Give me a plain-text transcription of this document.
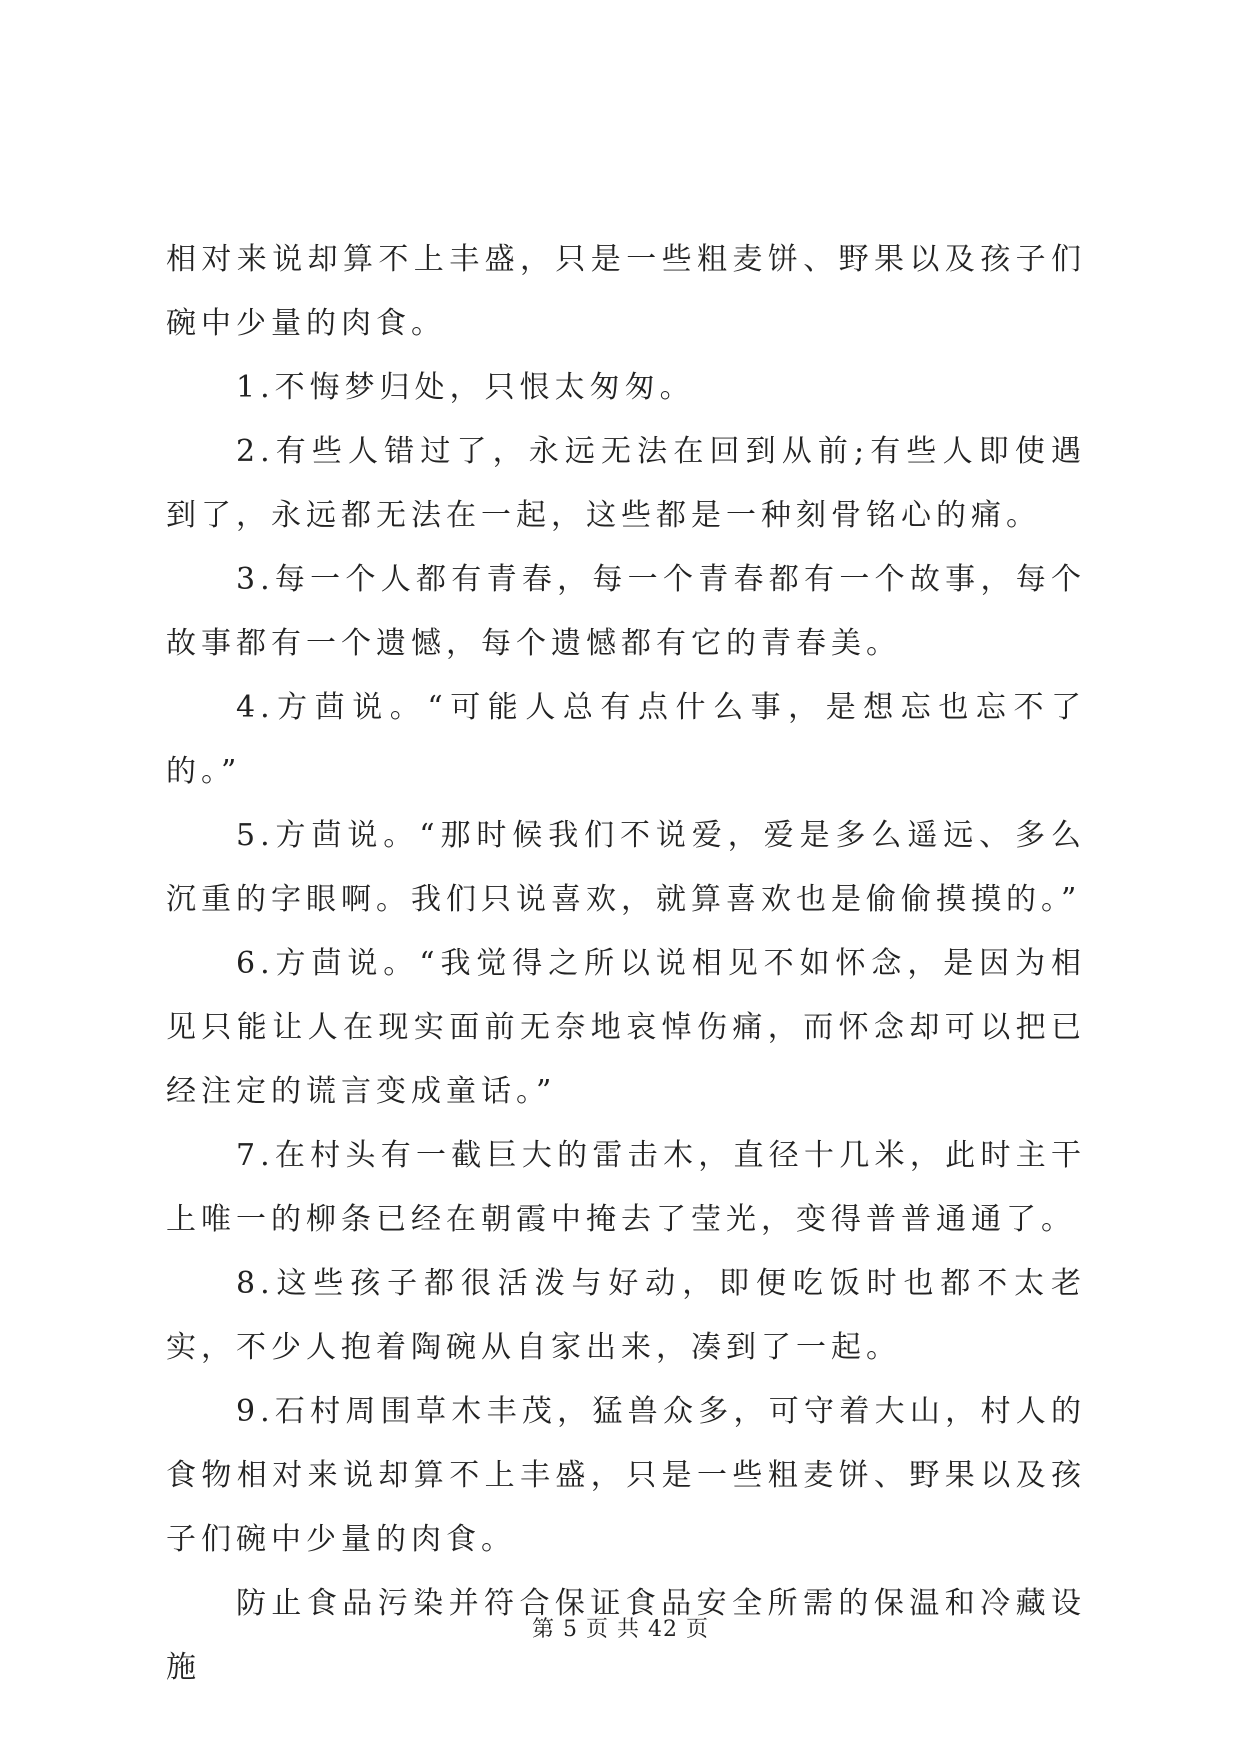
相对来说却算不上丰盛，只是一些粗麦饼、野果以及孩子们碗中少量的肉食。

1.不悔梦归处，只恨太匆匆。

2.有些人错过了，永远无法在回到从前;有些人即使遇到了，永远都无法在一起，这些都是一种刻骨铭心的痛。

3.每一个人都有青春，每一个青春都有一个故事，每个故事都有一个遗憾，每个遗憾都有它的青春美。

4.方茴说。“可能人总有点什么事，是想忘也忘不了的。”

5.方茴说。“那时候我们不说爱，爱是多么遥远、多么沉重的字眼啊。我们只说喜欢，就算喜欢也是偷偷摸摸的。”

6.方茴说。“我觉得之所以说相见不如怀念，是因为相见只能让人在现实面前无奈地哀悼伤痛，而怀念却可以把已经注定的谎言变成童话。”

7.在村头有一截巨大的雷击木，直径十几米，此时主干上唯一的柳条已经在朝霞中掩去了莹光，变得普普通通了。

8.这些孩子都很活泼与好动，即便吃饭时也都不太老实，不少人抱着陶碗从自家出来，凑到了一起。

9.石村周围草木丰茂，猛兽众多，可守着大山，村人的食物相对来说却算不上丰盛，只是一些粗麦饼、野果以及孩子们碗中少量的肉食。

防止食品污染并符合保证食品安全所需的保温和冷藏设施

第 5 页 共 42 页
